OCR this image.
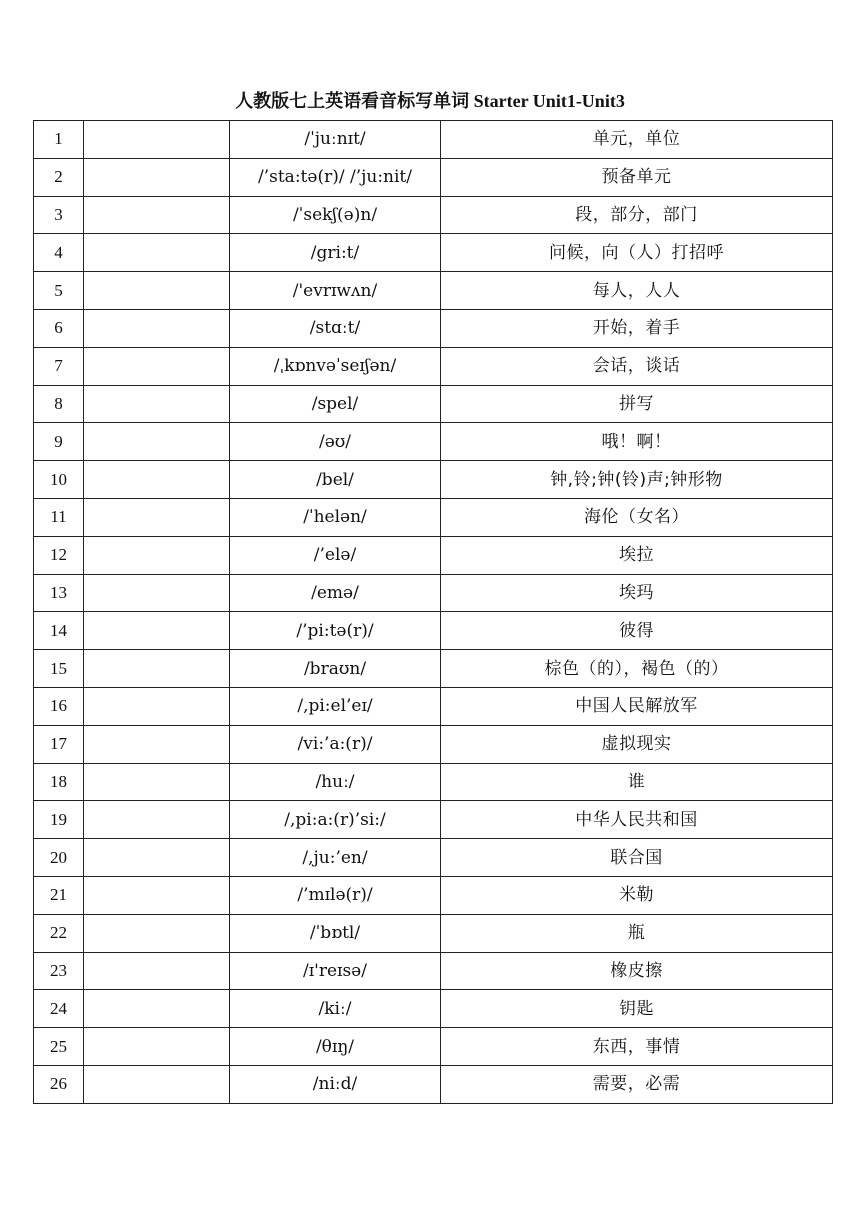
人教版七上英语看音标写单词 Starter Unit1-Unit3
1		/ˈjuːnɪt/	单元，单位
2		/’sta:tə(r)/ /’ju:nit/	预备单元
3		/ˈsekʃ(ə)n/	段，部分，部门
4		/gri:t/	问候，向（人）打招呼
5		/'evrɪwʌn/	每人，人人
6		/stɑːt/	开始，着手
7		/ˌkɒnvəˈseɪʃən/	会话，谈话
8		/spel/	拼写
9		/əʊ/	哦！啊！
10		/bel/	钟,铃;钟(铃)声;钟形物
11		/ˈhelən/	海伦（女名）
12		/’elə/	埃拉
13		/emə/	埃玛
14		/’pi:tə(r)/	彼得
15		/braʊn/	棕色（的），褐色（的）
16		/,pi:el’eɪ/	中国人民解放军
17		/vi:’a:(r)/	虚拟现实
18		/huː/	谁
19		/,pi:a:(r)’si:/	中华人民共和国
20		/,ju:’en/	联合国
21		/’mɪlə(r)/	米勒
22		/ˈbɒtl/	瓶
23		/ɪ'reɪsə/	橡皮擦
24		/kiː/	钥匙
25		/θɪŋ/	东西，事情
26		/niːd/	需要，必需
